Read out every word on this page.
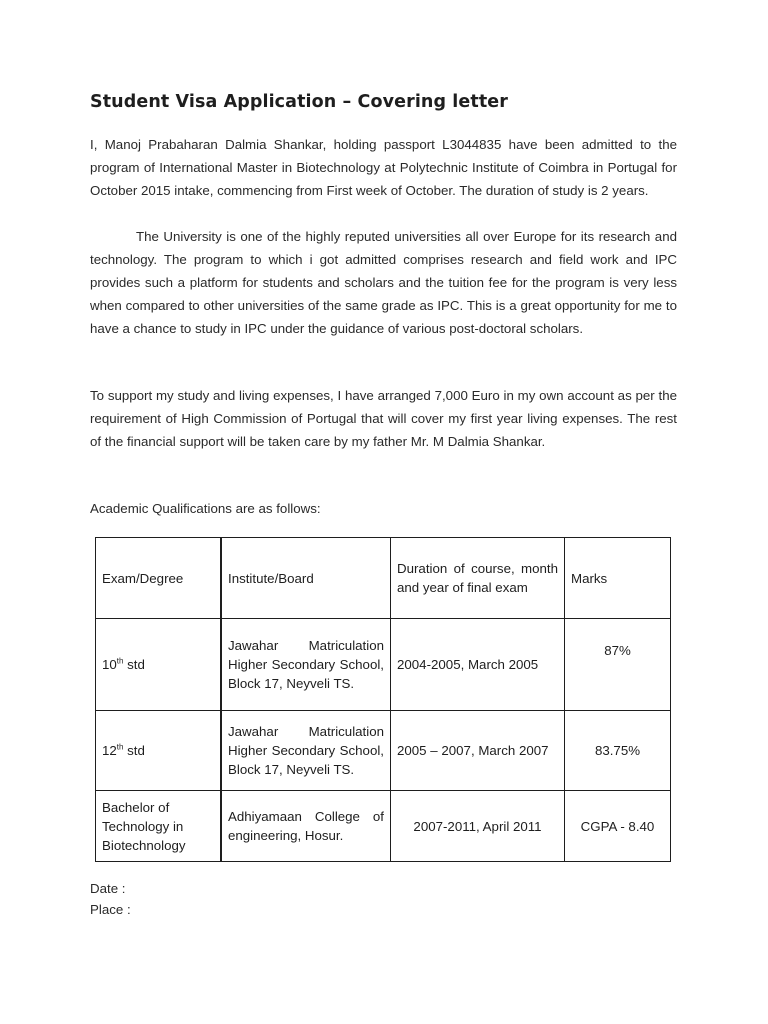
Student Visa Application – Covering letter

I, Manoj Prabaharan Dalmia Shankar, holding passport L3044835 have been admitted to the program of International Master in Biotechnology at Polytechnic Institute of Coimbra in Portugal for October 2015 intake, commencing from First week of October. The duration of study is 2 years.

The University is one of the highly reputed universities all over Europe for its research and technology. The program to which i got admitted comprises research and field work and IPC provides such a platform for students and scholars and the tuition fee for the program is very less when compared to other universities of the same grade as IPC. This is a great opportunity for me to have a chance to study in IPC under the guidance of various post-doctoral scholars.

To support my study and living expenses, I have arranged 7,000 Euro in my own account as per the requirement of High Commission of Portugal that will cover my first year living expenses. The rest of the financial support will be taken care by my father Mr. M Dalmia Shankar.

Academic Qualifications are as follows:

Exam/Degree	Institute/Board	Duration of course, month and year of final exam	Marks
10th std	Jawahar Matriculation Higher Secondary School, Block 17, Neyveli TS.	2004-2005, March 2005	87%
12th std	Jawahar Matriculation Higher Secondary School, Block 17, Neyveli TS.	2005 – 2007, March 2007	83.75%
Bachelor of Technology in Biotechnology	Adhiyamaan College of engineering, Hosur.	2007-2011, April 2011	CGPA - 8.40

Date :

Place :
